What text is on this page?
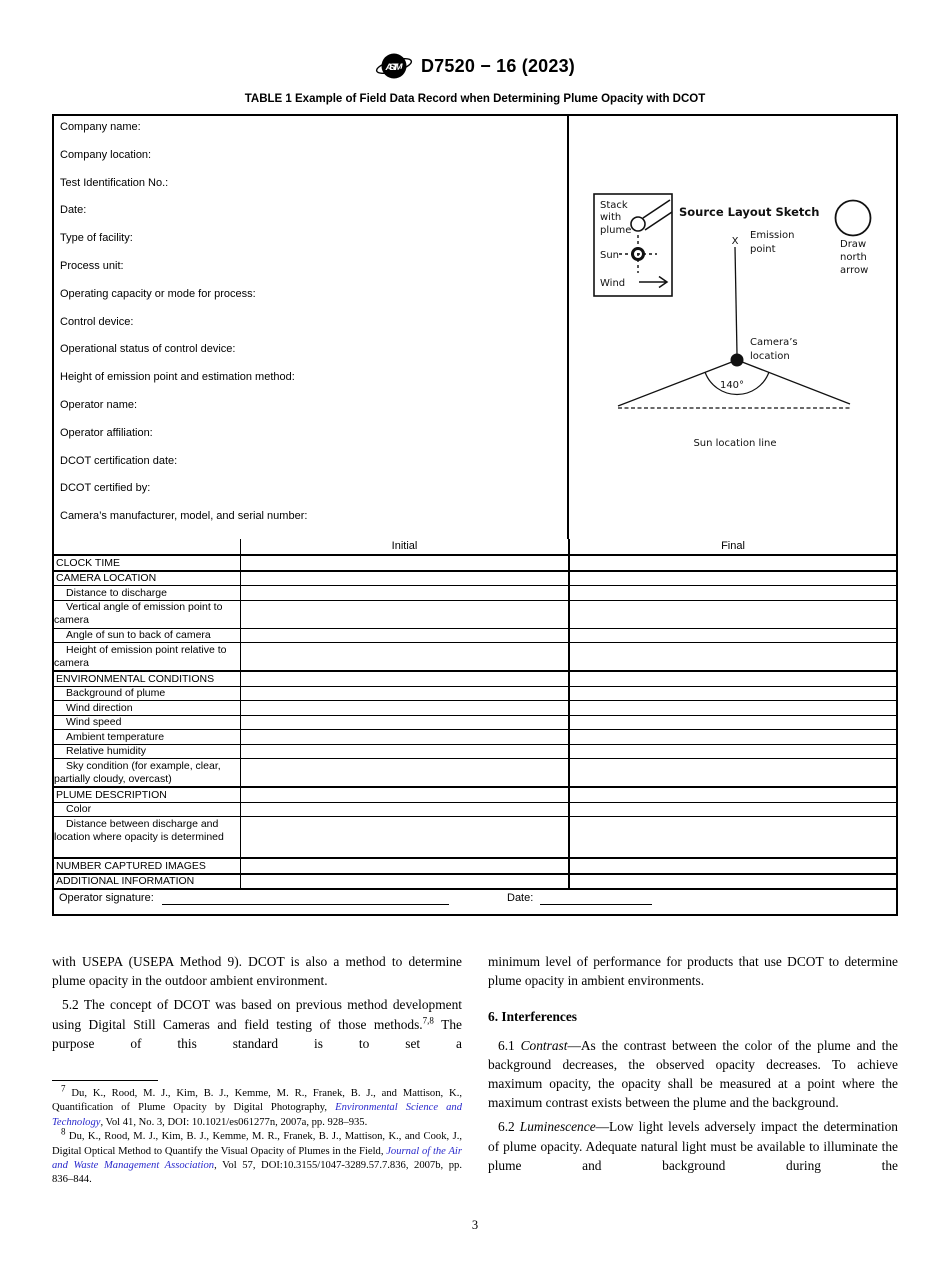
ASTM D7520 − 16 (2023)
TABLE 1 Example of Field Data Record when Determining Plume Opacity with DCOT
Company name:
Company location:
Test Identification No.:
Date:
Type of facility:
Process unit:
Operating capacity or mode for process:
Control device:
Operational status of control device:
Height of emission point and estimation method:
Operator name:
Operator affiliation:
DCOT certification date:
DCOT certified by:
Camera’s manufacturer, model, and serial number:
Stack
with
plume
Sun
Wind
Source Layout Sketch
Draw
north
arrow
X
Emission
point
Camera’s
location
140°
Sun location line
Initial	Final
CLOCK TIME
CAMERA LOCATION
Distance to discharge
Vertical angle of emission point to camera
Angle of sun to back of camera
Height of emission point relative to camera
ENVIRONMENTAL CONDITIONS
Background of plume
Wind direction
Wind speed
Ambient temperature
Relative humidity
Sky condition (for example, clear, partially cloudy, overcast)
PLUME DESCRIPTION
Color
Distance between discharge and location where opacity is determined
NUMBER CAPTURED IMAGES
ADDITIONAL INFORMATION
Operator signature:	Date:
with USEPA (USEPA Method 9). DCOT is also a method to determine plume opacity in the outdoor ambient environment.
5.2 The concept of DCOT was based on previous method development using Digital Still Cameras and field testing of those methods.$^{7,8}$ The purpose of this standard is to set a
minimum level of performance for products that use DCOT to determine plume opacity in ambient environments.
6. Interferences
6.1 Contrast—As the contrast between the color of the plume and the background decreases, the observed opacity decreases. To achieve maximum opacity, the opacity shall be measured at a point where the maximum contrast exists between the plume and the background.
6.2 Luminescence—Low light levels adversely impact the determination of plume opacity. Adequate natural light must be available to illuminate the plume and background during the
$^7$ Du, K., Rood, M. J., Kim, B. J., Kemme, M. R., Franek, B. J., and Mattison, K., Quantification of Plume Opacity by Digital Photography, Environmental Science and Technology, Vol 41, No. 3, DOI: 10.1021/es061277n, 2007a, pp. 928–935.
$^8$ Du, K., Rood, M. J., Kim, B. J., Kemme, M. R., Franek, B. J., Mattison, K., and Cook, J., Digital Optical Method to Quantify the Visual Opacity of Plumes in the Field, Journal of the Air and Waste Management Association, Vol 57, DOI:10.3155/1047-3289.57.7.836, 2007b, pp. 836–844.
3
